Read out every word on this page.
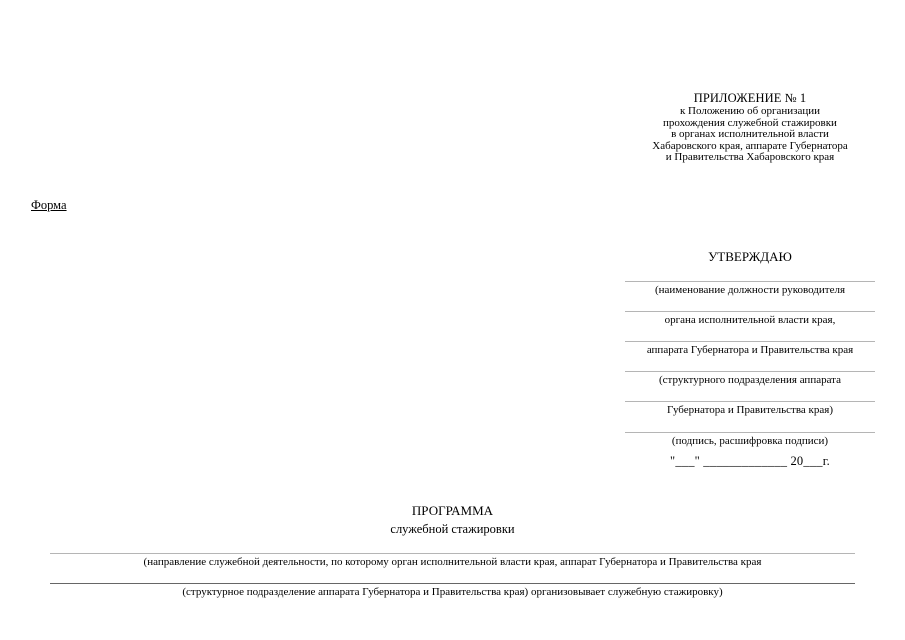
ПРИЛОЖЕНИЕ № 1
к Положению об организации
прохождения служебной стажировки
в органах исполнительной власти
Хабаровского края, аппарате Губернатора
и Правительства Хабаровского края
Форма
УТВЕРЖДАЮ
(наименование должности руководителя
органа исполнительной власти края,
аппарата Губернатора и Правительства края
(структурного подразделения аппарата
Губернатора и Правительства края)
(подпись, расшифровка подписи)
"___" _____________ 20___г.
ПРОГРАММА
служебной стажировки
(направление служебной деятельности, по которому орган исполнительной власти края, аппарат Губернатора и Правительства края
(структурное подразделение аппарата Губернатора и Правительства края) организовывает служебную стажировку)
